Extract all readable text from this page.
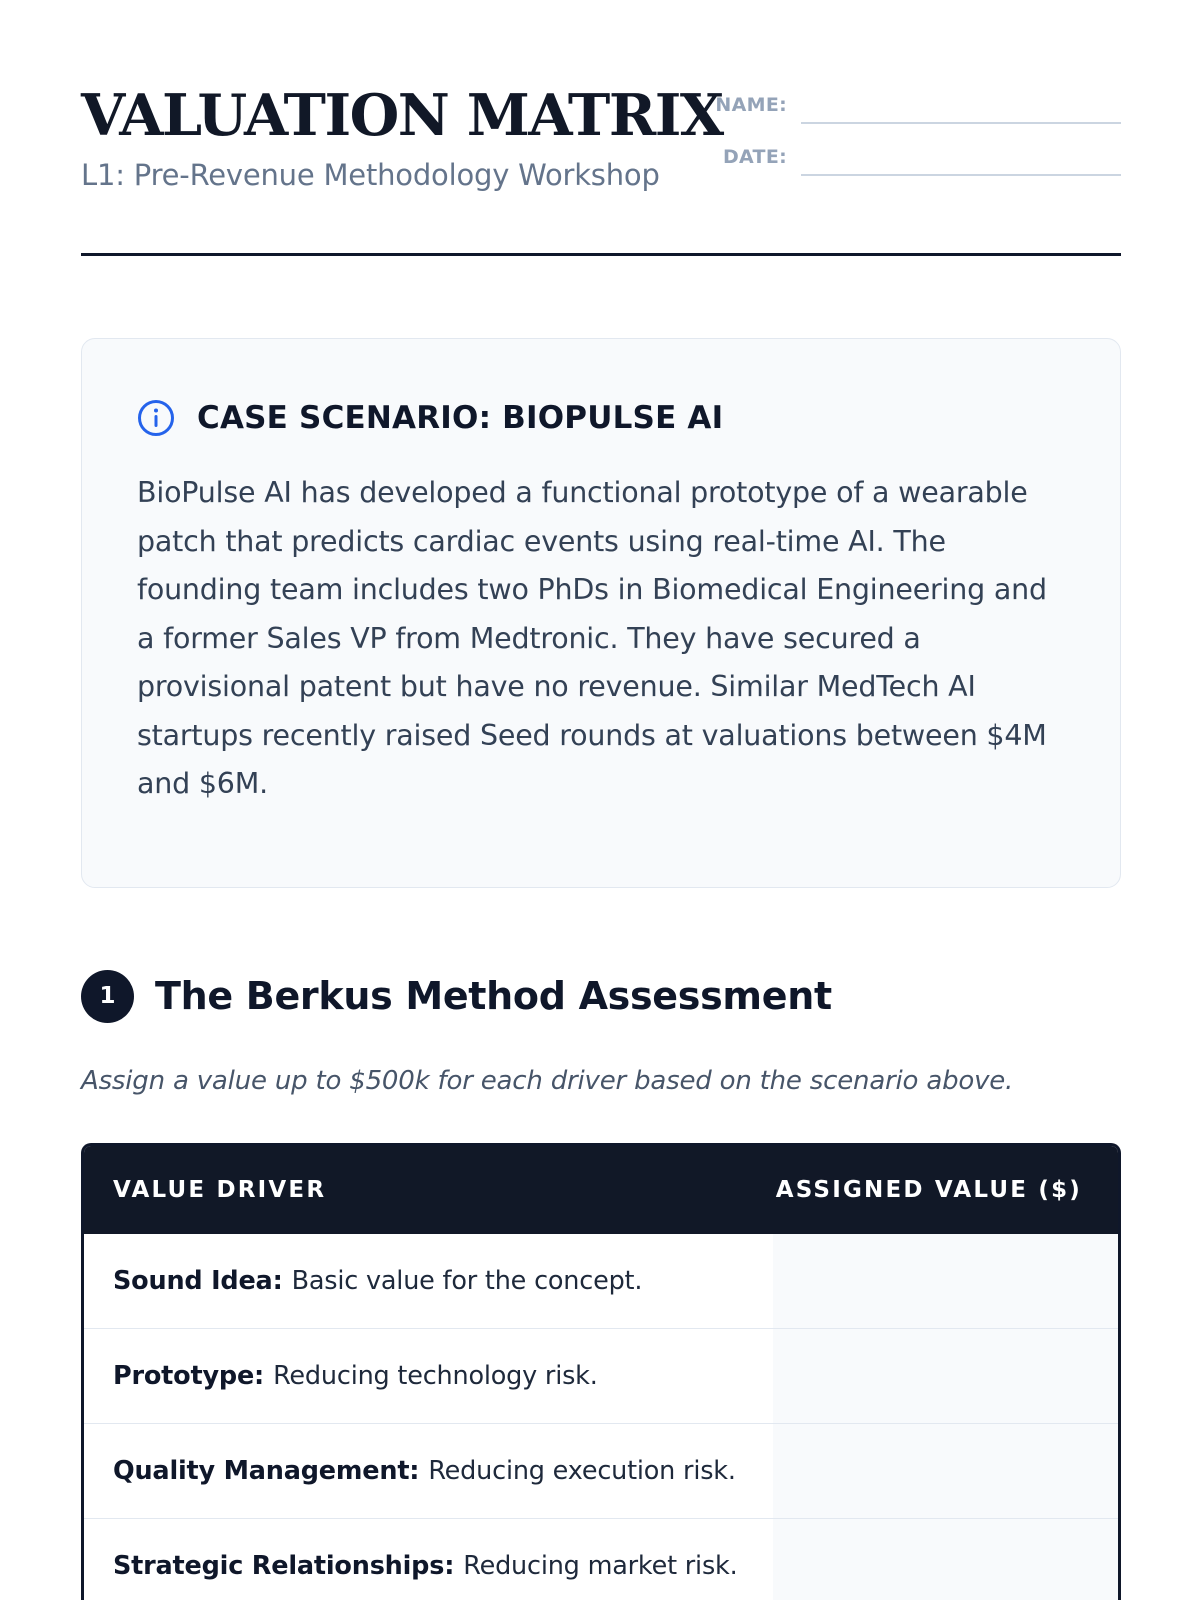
VALUATION MATRIX
L1: Pre-Revenue Methodology Workshop
NAME:
DATE:
CASE SCENARIO: BIOPULSE AI

BioPulse AI has developed a functional prototype of a wearable patch that predicts cardiac events using real-time AI. The founding team includes two PhDs in Biomedical Engineering and a former Sales VP from Medtronic. They have secured a provisional patent but have no revenue. Similar MedTech AI startups recently raised Seed rounds at valuations between $4M and $6M.

1	The Berkus Method Assessment
Assign a value up to $500k for each driver based on the scenario above.
VALUE DRIVER	ASSIGNED VALUE ($)
Sound Idea: Basic value for the concept.
Prototype: Reducing technology risk.
Quality Management: Reducing execution risk.
Strategic Relationships: Reducing market risk.
